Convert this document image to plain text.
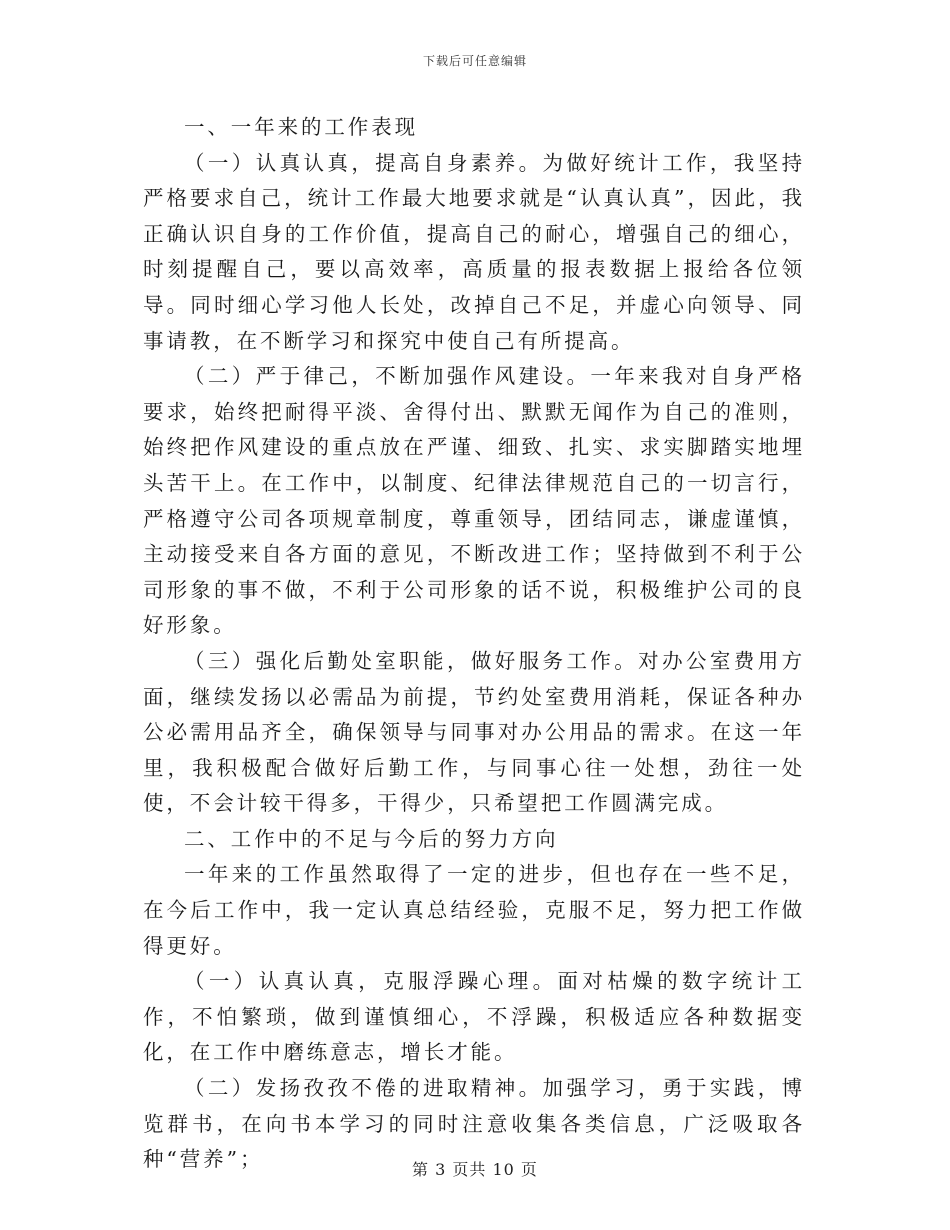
下载后可任意编辑

一、一年来的工作表现

（一）认真认真，提高自身素养。为做好统计工作，我坚持严格要求自己，统计工作最大地要求就是“认真认真”，因此，我正确认识自身的工作价值，提高自己的耐心，增强自己的细心，时刻提醒自己，要以高效率，高质量的报表数据上报给各位领导。同时细心学习他人长处，改掉自己不足，并虚心向领导、同事请教，在不断学习和探究中使自己有所提高。

（二）严于律己，不断加强作风建设。一年来我对自身严格要求，始终把耐得平淡、舍得付出、默默无闻作为自己的准则，始终把作风建设的重点放在严谨、细致、扎实、求实脚踏实地埋头苦干上。在工作中，以制度、纪律法律规范自己的一切言行，严格遵守公司各项规章制度，尊重领导，团结同志，谦虚谨慎，主动接受来自各方面的意见，不断改进工作；坚持做到不利于公司形象的事不做，不利于公司形象的话不说，积极维护公司的良好形象。

（三）强化后勤处室职能，做好服务工作。对办公室费用方面，继续发扬以必需品为前提，节约处室费用消耗，保证各种办公必需用品齐全，确保领导与同事对办公用品的需求。在这一年里，我积极配合做好后勤工作，与同事心往一处想，劲往一处使，不会计较干得多，干得少，只希望把工作圆满完成。

二、工作中的不足与今后的努力方向

一年来的工作虽然取得了一定的进步，但也存在一些不足，在今后工作中，我一定认真总结经验，克服不足，努力把工作做得更好。

（一）认真认真，克服浮躁心理。面对枯燥的数字统计工作，不怕繁琐，做到谨慎细心，不浮躁，积极适应各种数据变化，在工作中磨练意志，增长才能。

（二）发扬孜孜不倦的进取精神。加强学习，勇于实践，博览群书，在向书本学习的同时注意收集各类信息，广泛吸取各种“营养”；	第 3 页共 10 页
